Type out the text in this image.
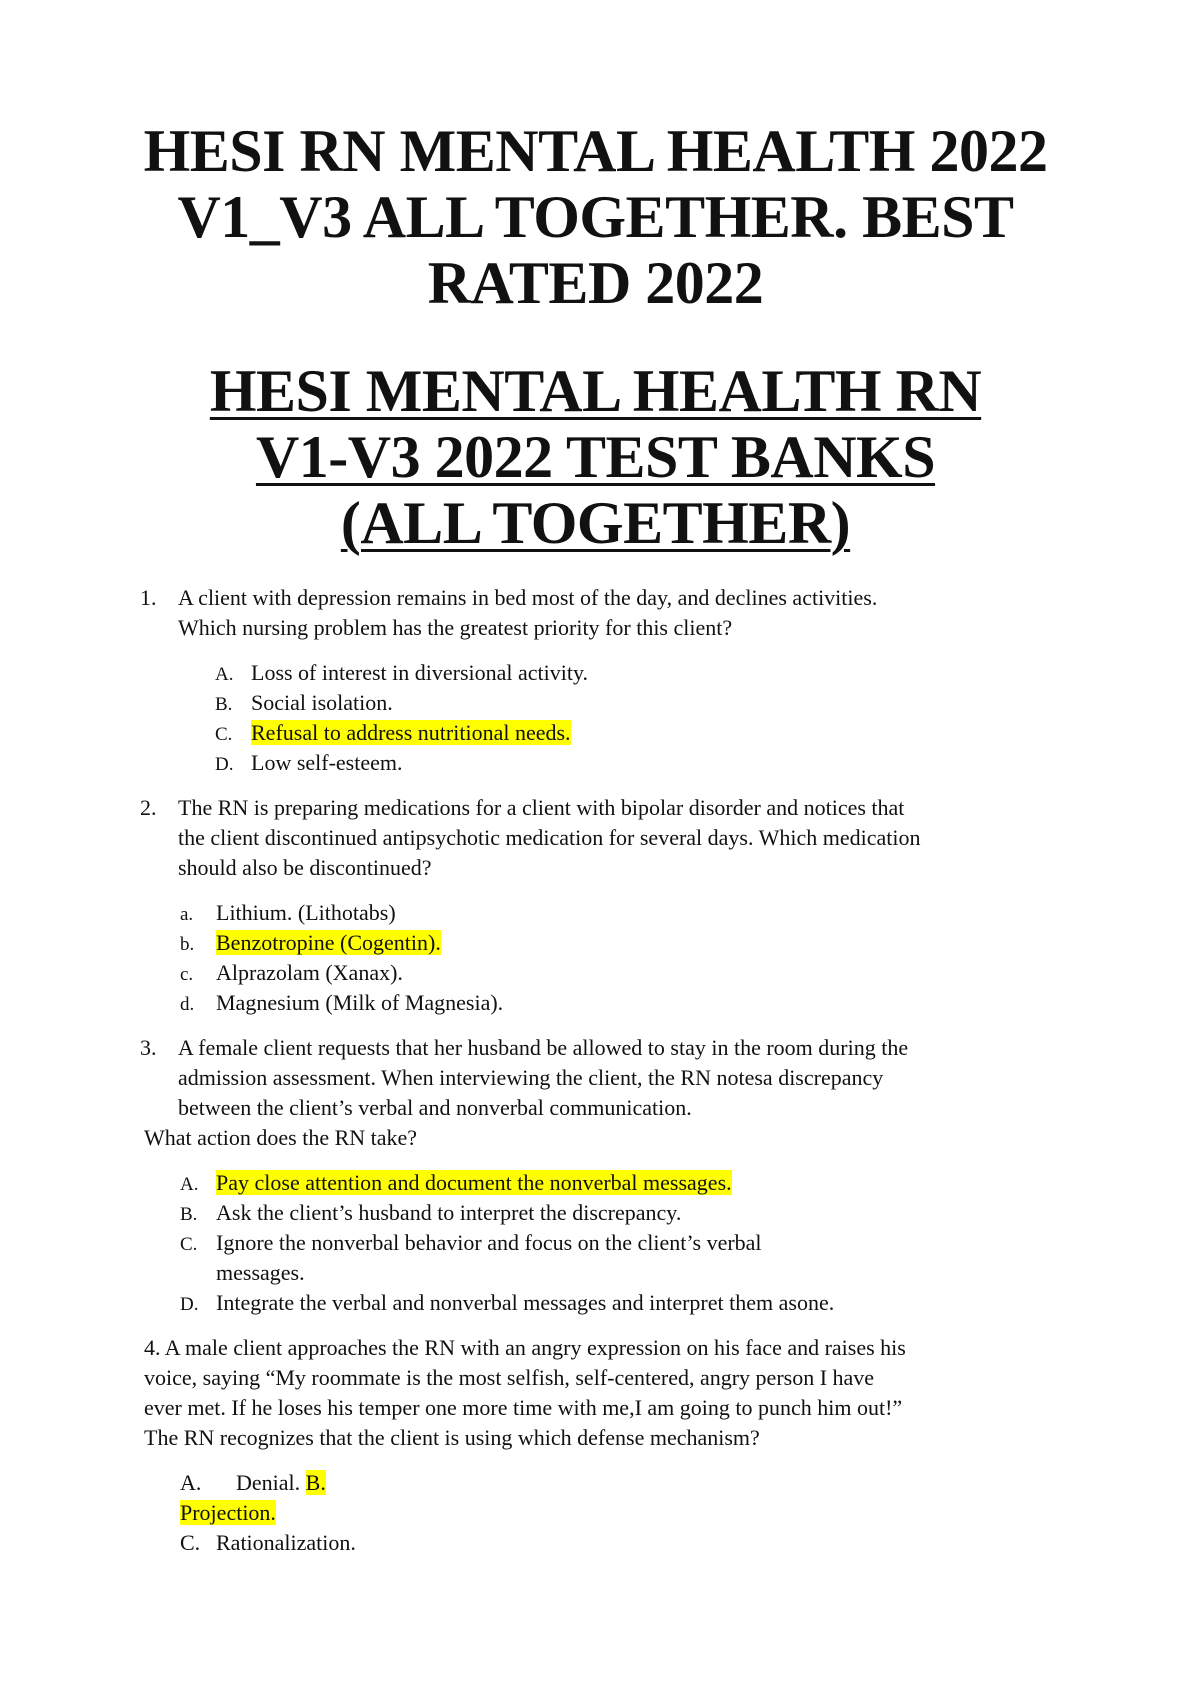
HESI RN MENTAL HEALTH 2022
V1_V3 ALL TOGETHER. BEST
RATED 2022
HESI MENTAL HEALTH RN
V1-V3 2022 TEST BANKS
(ALL TOGETHER)
1. A client with depression remains in bed most of the day, and declines activities.
Which nursing problem has the greatest priority for this client?
A. Loss of interest in diversional activity.
B. Social isolation.
C. Refusal to address nutritional needs.
D. Low self-esteem.
2. The RN is preparing medications for a client with bipolar disorder and notices that
the client discontinued antipsychotic medication for several days. Which medication
should also be discontinued?
a. Lithium. (Lithotabs)
b. Benzotropine (Cogentin).
c. Alprazolam (Xanax).
d. Magnesium (Milk of Magnesia).
3. A female client requests that her husband be allowed to stay in the room during the
admission assessment. When interviewing the client, the RN notesa discrepancy
between the client’s verbal and nonverbal communication.
What action does the RN take?
A. Pay close attention and document the nonverbal messages.
B. Ask the client’s husband to interpret the discrepancy.
C. Ignore the nonverbal behavior and focus on the client’s verbal
messages.
D. Integrate the verbal and nonverbal messages and interpret them asone.
4. A male client approaches the RN with an angry expression on his face and raises his
voice, saying “My roommate is the most selfish, self-centered, angry person I have
ever met. If he loses his temper one more time with me,I am going to punch him out!”
The RN recognizes that the client is using which defense mechanism?
A. Denial. B.
Projection.
C. Rationalization.
